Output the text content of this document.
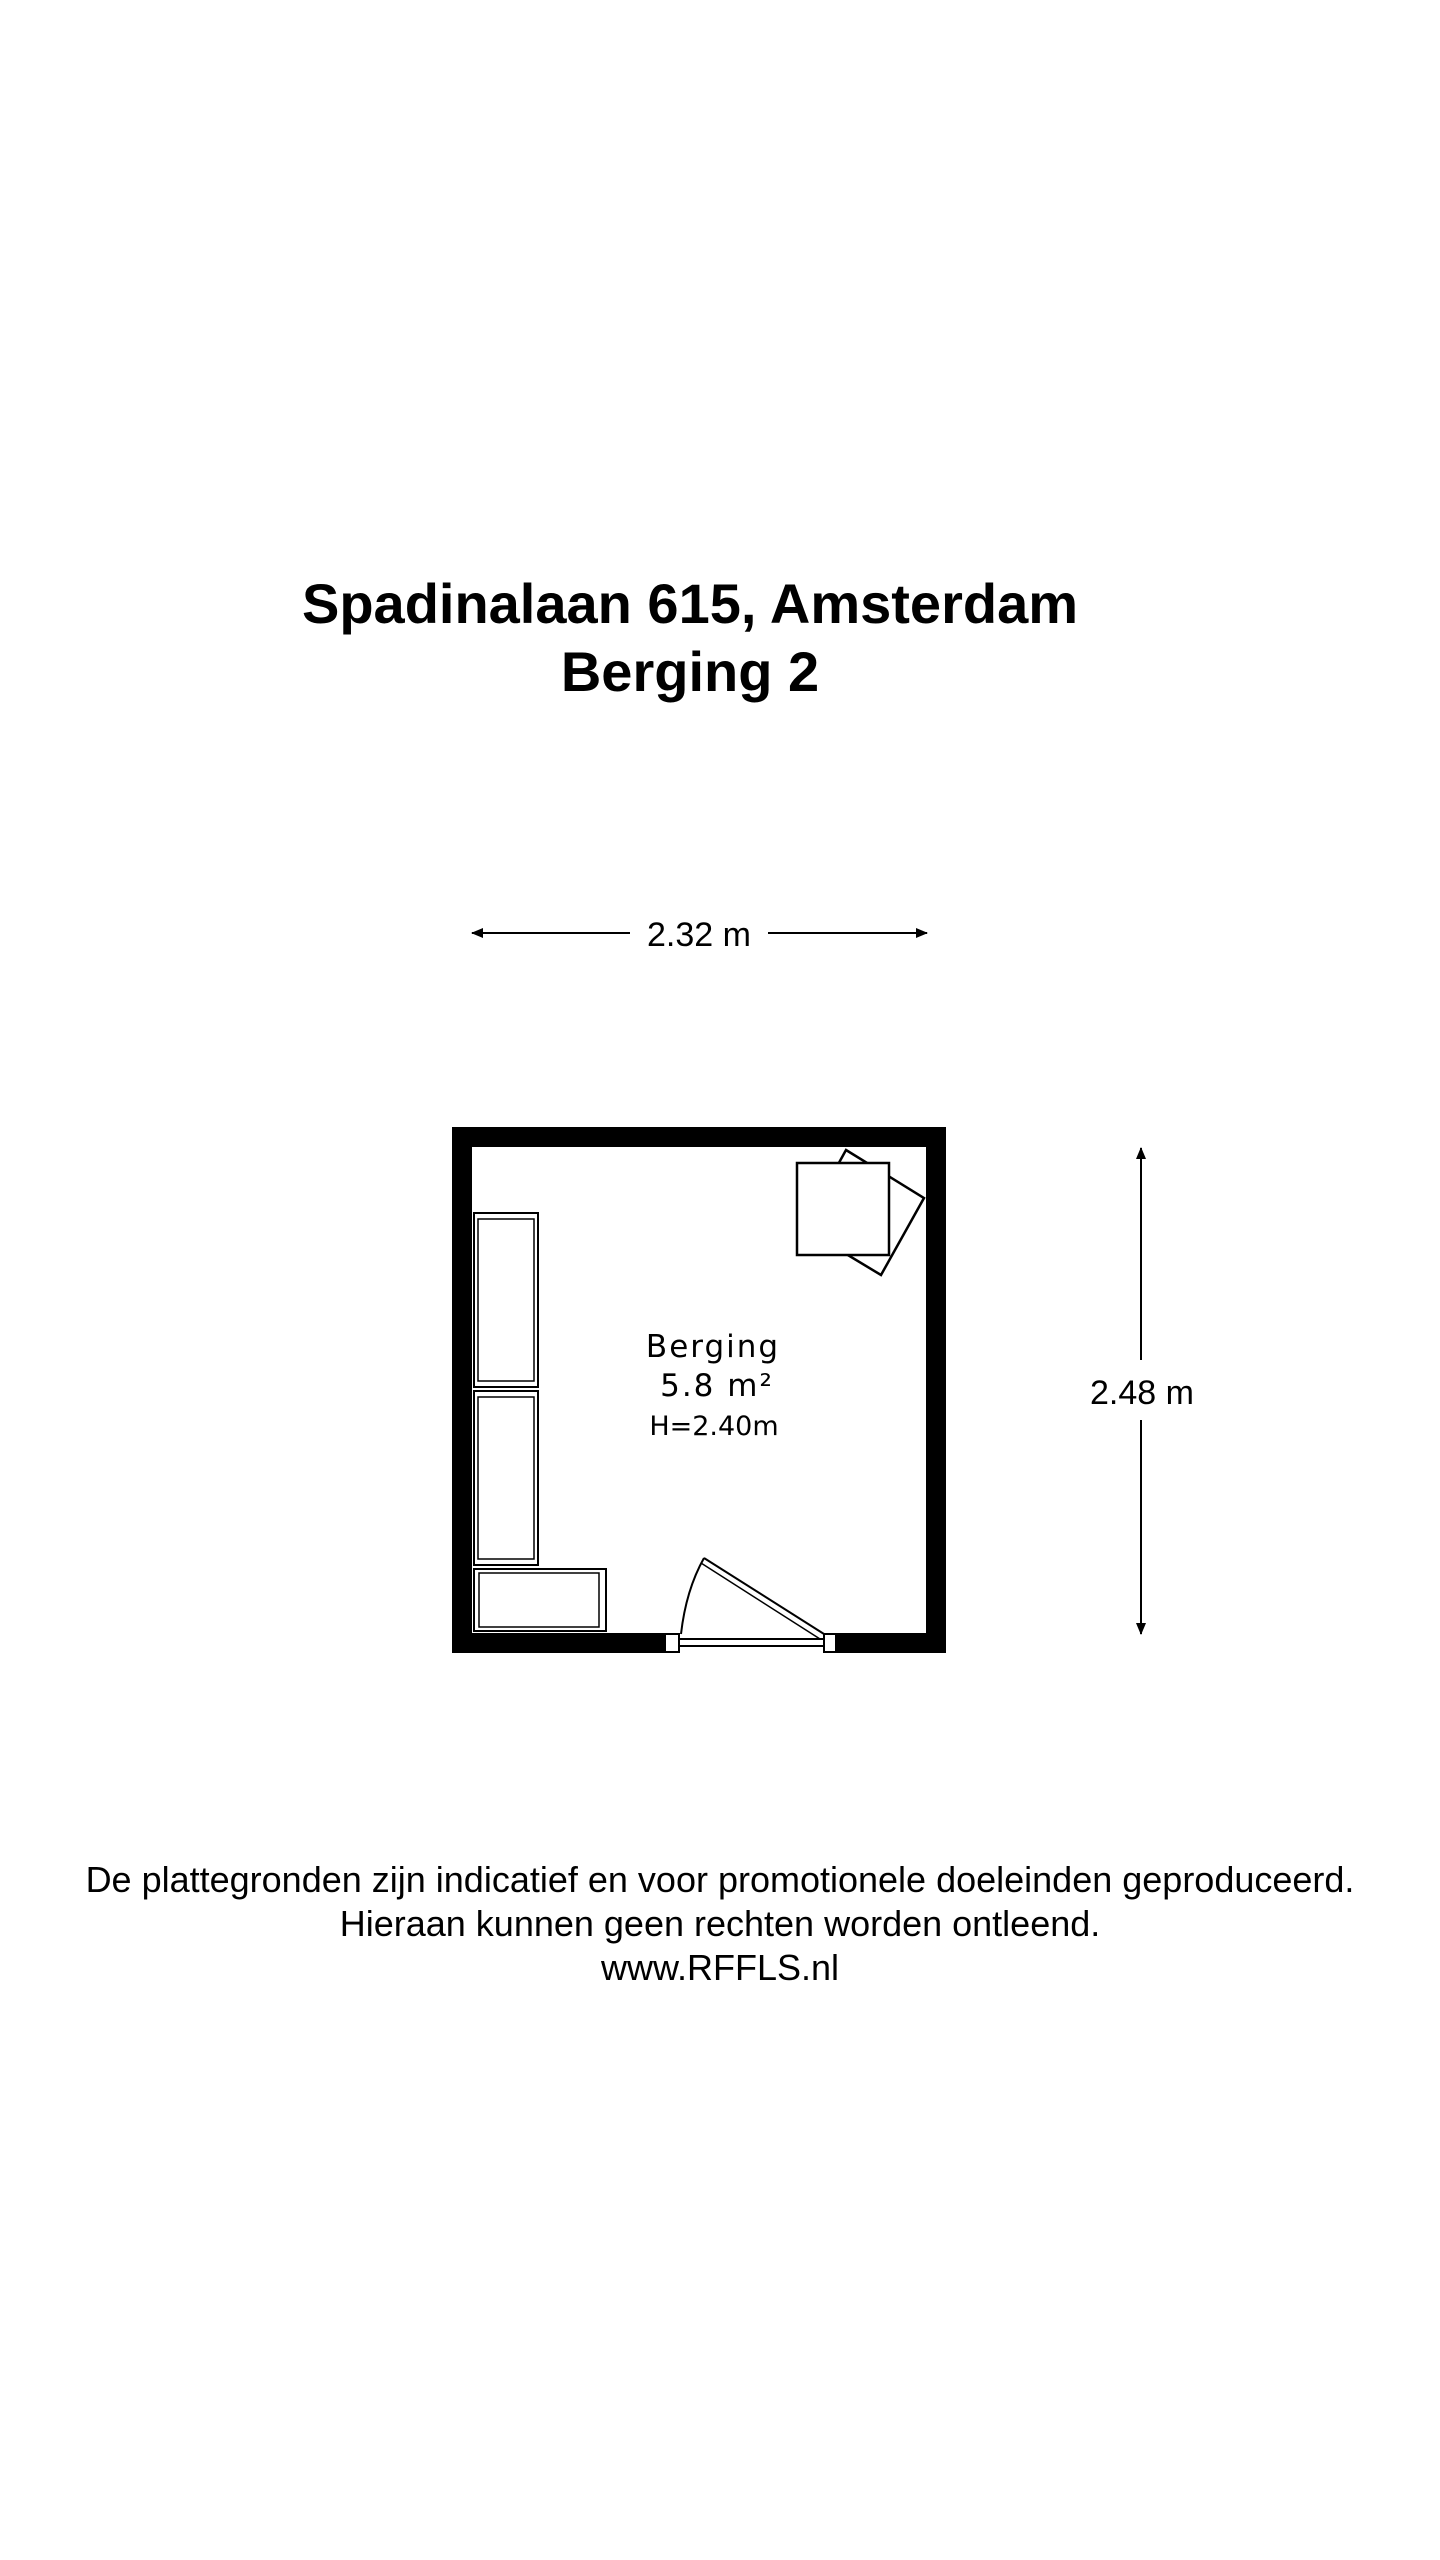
Spadinalaan 615, Amsterdam
Berging 2
2.32 m
2.48 m
Berging
5.8 m²
H=2.40m

De plattegronden zijn indicatief en voor promotionele doeleinden geproduceerd.

Hieraan kunnen geen rechten worden ontleend.

www.RFFLS.nl
